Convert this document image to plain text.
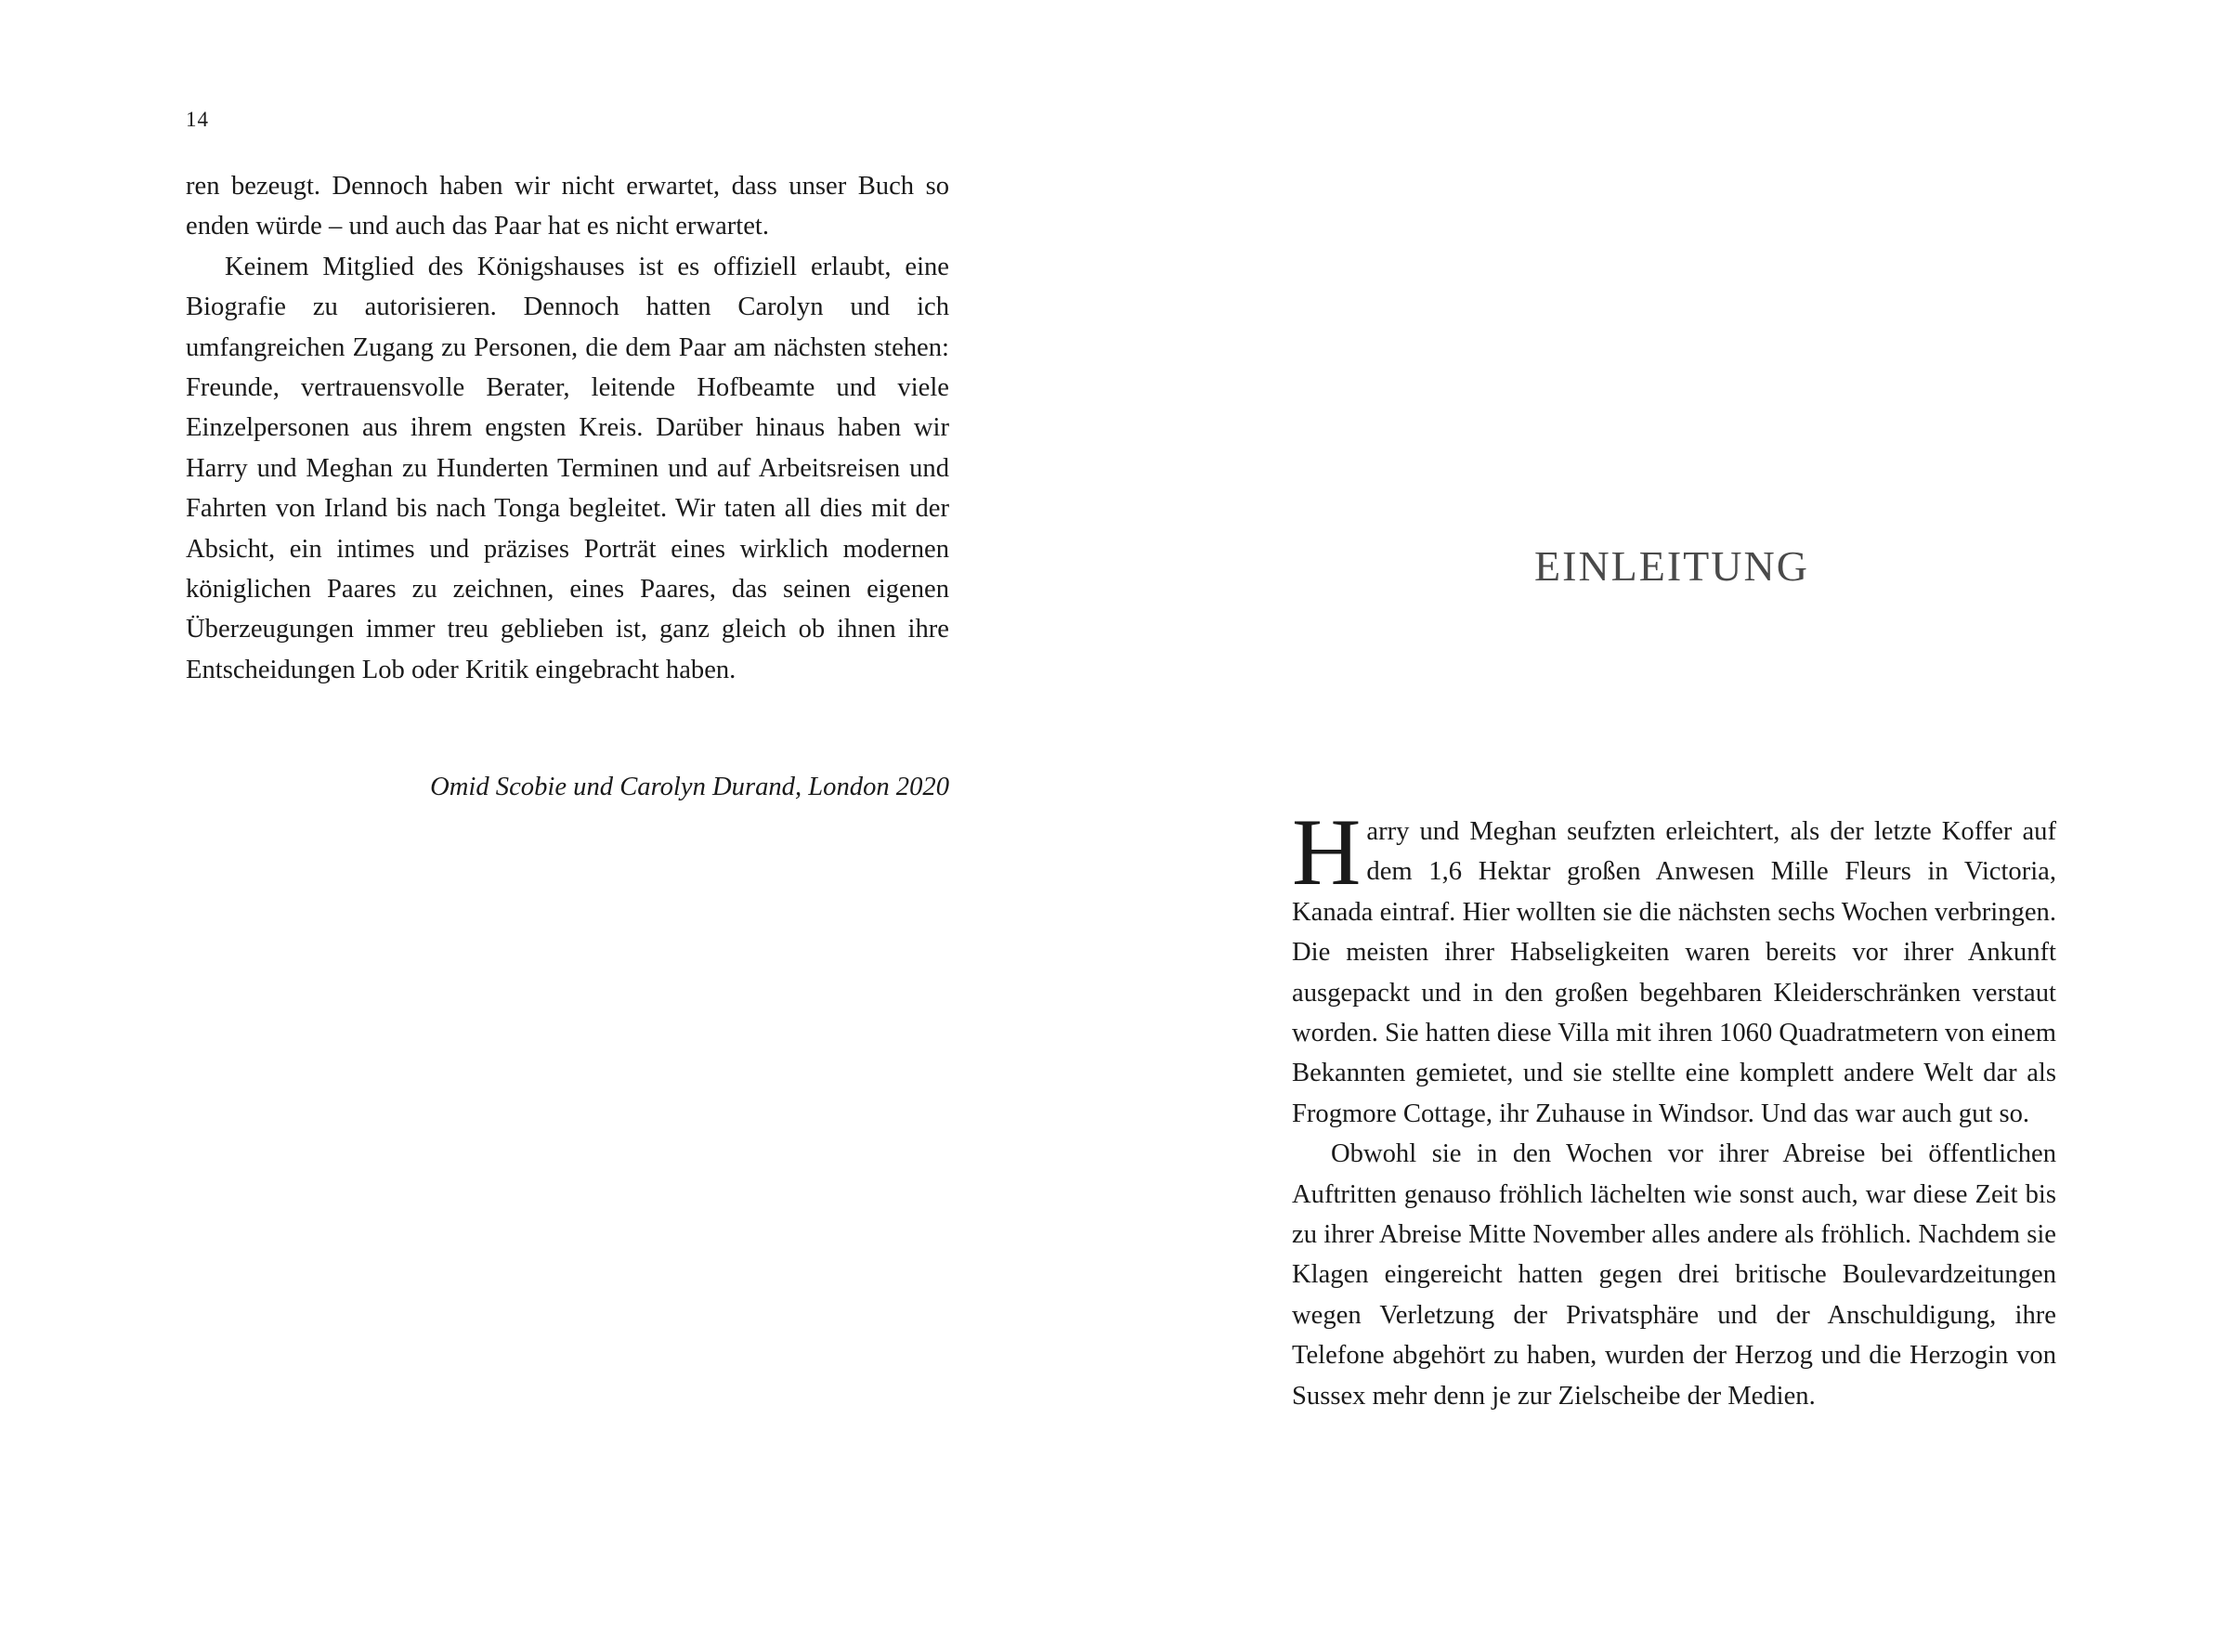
14

ren bezeugt. Dennoch haben wir nicht erwartet, dass unser Buch so enden würde – und auch das Paar hat es nicht erwartet.

Keinem Mitglied des Königshauses ist es offiziell erlaubt, eine Biografie zu autorisieren. Dennoch hatten Carolyn und ich umfangreichen Zugang zu Personen, die dem Paar am nächsten stehen: Freunde, vertrauensvolle Berater, leitende Hofbeamte und viele Einzelpersonen aus ihrem engsten Kreis. Darüber hinaus haben wir Harry und Meghan zu Hunderten Terminen und auf Arbeitsreisen und Fahrten von Irland bis nach Tonga begleitet. Wir taten all dies mit der Absicht, ein intimes und präzises Porträt eines wirklich modernen königlichen Paares zu zeichnen, eines Paares, das seinen eigenen Überzeugungen immer treu geblieben ist, ganz gleich ob ihnen ihre Entscheidungen Lob oder Kritik eingebracht haben.

Omid Scobie und Carolyn Durand, London 2020
EINLEITUNG

Harry und Meghan seufzten erleichtert, als der letzte Koffer auf dem 1,6 Hektar großen Anwesen Mille Fleurs in Victoria, Kanada eintraf. Hier wollten sie die nächsten sechs Wochen verbringen. Die meisten ihrer Habseligkeiten waren bereits vor ihrer Ankunft ausgepackt und in den großen begehbaren Kleiderschränken verstaut worden. Sie hatten diese Villa mit ihren 1060 Quadratmetern von einem Bekannten gemietet, und sie stellte eine komplett andere Welt dar als Frogmore Cottage, ihr Zuhause in Windsor. Und das war auch gut so.

Obwohl sie in den Wochen vor ihrer Abreise bei öffentlichen Auftritten genauso fröhlich lächelten wie sonst auch, war diese Zeit bis zu ihrer Abreise Mitte November alles andere als fröhlich. Nachdem sie Klagen eingereicht hatten gegen drei britische Boulevardzeitungen wegen Verletzung der Privatsphäre und der Anschuldigung, ihre Telefone abgehört zu haben, wurden der Herzog und die Herzogin von Sussex mehr denn je zur Zielscheibe der Medien.
